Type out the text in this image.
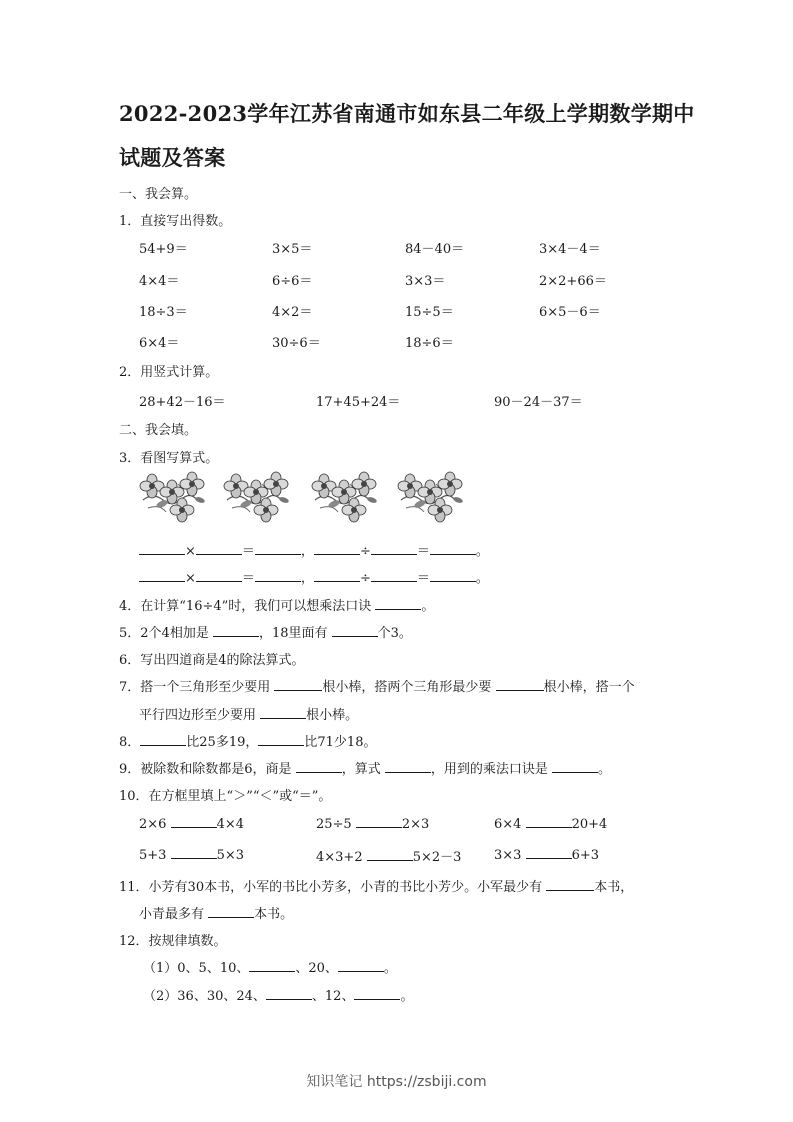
2022-2023学年江苏省南通市如东县二年级上学期数学期中
试题及答案
一、我会算。
1．直接写出得数。
54+9＝	3×5＝	84－40＝	3×4－4＝
4×4＝	6÷6＝	3×3＝	2×2+66＝
18÷3＝	4×2＝	15÷5＝	6×5－6＝
6×4＝	30÷6＝	18÷6＝
2．用竖式计算。
28+42－16＝	17+45+24＝	90－24－37＝
二、我会填。
3．看图写算式。
×	＝	，	÷	＝	。
×	＝	，	÷	＝	。
4．在计算“16÷4”时，我们可以想乘法口诀	。
5．2个4相加是	，18里面有	个3。
6．写出四道商是4的除法算式。
7．搭一个三角形至少要用	根小棒，搭两个三角形最少要	根小棒，搭一个
平行四边形至少要用	根小棒。
8．	比25多19，	比71少18。
9．被除数和除数都是6，商是	，算式	，用到的乘法口诀是	。
10．在方框里填上“＞”“＜”或“＝”。
2×6	4×4	25÷5	2×3	6×4	20+4
5+3	5×3	4×3+2	5×2－3	3×3	6+3
11．小芳有30本书，小军的书比小芳多，小青的书比小芳少。小军最少有	本书，
小青最多有	本书。
12．按规律填数。
（1）0、5、10、	、20、	。
（2）36、30、24、	、12、	。
知识笔记 https://zsbiji.com
